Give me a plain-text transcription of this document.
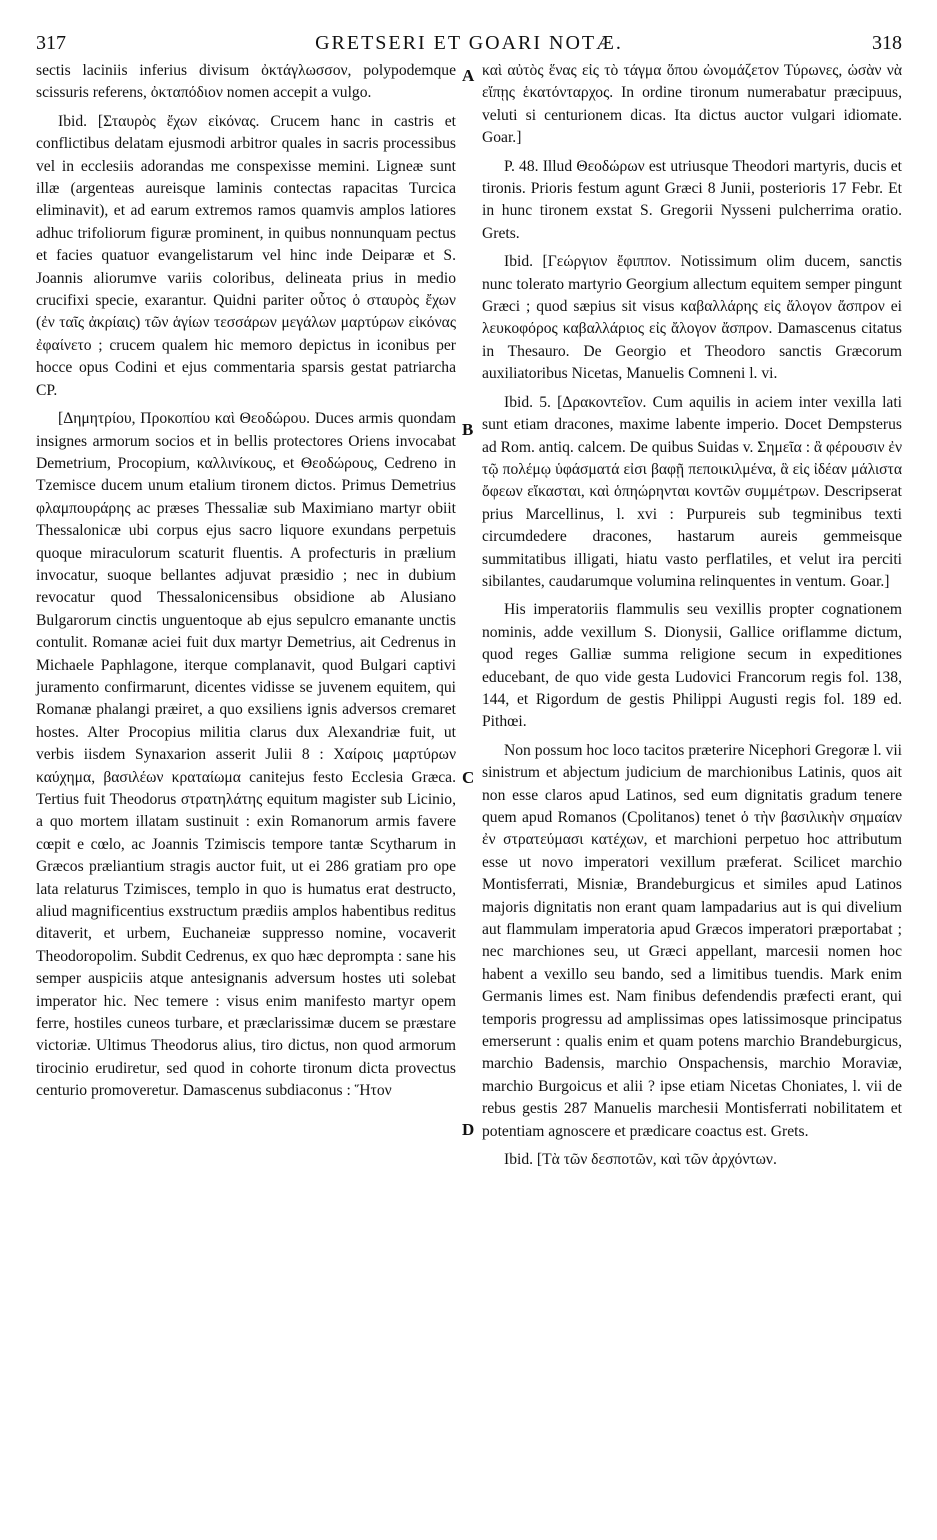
317	GRETSERI ET GOARI NOTÆ.	318

sectis laciniis inferius divisum ὀκτάγλωσσον, polypodemque scissuris referens, ὀκταπόδιον nomen accepit a vulgo.

Ibid. [Σταυρὸς ἔχων εἰκόνας. Crucem hanc in castris et conflictibus delatam ejusmodi arbitror quales in sacris processibus vel in ecclesiis adorandas me conspexisse memini. Ligneæ sunt illæ (argenteas aureisque laminis contectas rapacitas Turcica eliminavit), et ad earum extremos ramos quamvis amplos latiores adhuc trifoliorum figuræ prominent, in quibus nonnunquam pectus et facies quatuor evangelistarum vel hinc inde Deiparæ et S. Joannis aliorumve variis coloribus, delineata prius in medio crucifixi specie, exarantur. Quidni pariter οὗτος ὁ σταυρὸς ἔχων (ἐν ταῖς ἀκρίαις) τῶν ἁγίων τεσσάρων μεγάλων μαρτύρων εἰκόνας ἐφαίνετο ; crucem qualem hic memoro depictus in iconibus per hocce opus Codini et ejus commentaria sparsis gestat patriarcha CP.

[Δημητρίου, Προκοπίου καὶ Θεοδώρου. Duces armis quondam insignes armorum socios et in bellis protectores Oriens invocabat Demetrium, Procopium, καλλινίκους, et Θεοδώρους, Cedreno in Tzemisce ducem unum etalium tironem dictos. Primus Demetrius φλαμπουράρης ac præses Thessaliæ sub Maximiano martyr obiit Thessalonicæ ubi corpus ejus sacro liquore exundans perpetuis quoque miraculorum scaturit fluentis. A profecturis in prælium invocatur, suoque bellantes adjuvat præsidio ; nec in dubium revocatur quod Thessalonicensibus obsidione ab Alusiano Bulgarorum cinctis unguentoque ab ejus sepulcro emanante unctis contulit. Romanæ aciei fuit dux martyr Demetrius, ait Cedrenus in Michaele Paphlagone, iterque complanavit, quod Bulgari captivi juramento confirmarunt, dicentes vidisse se juvenem equitem, qui Romanæ phalangi præiret, a quo exsiliens ignis adversos cremaret hostes. Alter Procopius militia clarus dux Alexandriæ fuit, ut verbis iisdem Synaxarion asserit Julii 8 : Χαίροις μαρτύρων καύχημα, βασιλέων κραταίωμα canitejus festo Ecclesia Græca. Tertius fuit Theodorus στρατηλάτης equitum magister sub Licinio, a quo mortem illatam sustinuit : exin Romanorum armis favere cœpit e cœlo, ac Joannis Tzimiscis tempore tantæ Scytharum in Græcos præliantium stragis auctor fuit, ut ei 286 gratiam pro ope lata relaturus Tzimisces, templo in quo is humatus erat destructo, aliud magnificentius exstructum prædiis amplos habentibus reditus ditaverit, et urbem, Euchaneiæ suppresso nomine, vocaverit Theodoropolim. Subdit Cedrenus, ex quo hæc deprompta : sane his semper auspiciis atque antesignanis adversum hostes uti solebat imperator hic. Nec temere : visus enim manifesto martyr opem ferre, hostiles cuneos turbare, et præclarissimæ ducem se præstare victoriæ. Ultimus Theodorus alius, tiro dictus, non quod armorum tirocinio erudiretur, sed quod in cohorte tironum dicta provectus centurio promoveretur. Damascenus subdiaconus : Ἥτον

A
B
C
D

καὶ αὐτὸς ἕνας εἰς τὸ τάγμα ὅπου ὠνομάζετον Τύρωνες, ὡσὰν νὰ εἴπῃς ἑκατόνταρχος. In ordine tironum numerabatur præcipuus, veluti si centurionem dicas. Ita dictus auctor vulgari idiomate. Goar.]

P. 48. Illud Θεοδώρων est utriusque Theodori martyris, ducis et tironis. Prioris festum agunt Græci 8 Junii, posterioris 17 Febr. Et in hunc tironem exstat S. Gregorii Nysseni pulcherrima oratio. Grets.

Ibid. [Γεώργιον ἔφιππον. Notissimum olim ducem, sanctis nunc tolerato martyrio Georgium allectum equitem semper pingunt Græci ; quod sæpius sit visus καβαλλάρης εἰς ἄλογον ἄσπρον ei λευκοφόρος καβαλλάριος εἰς ἄλογον ἄσπρον. Damascenus citatus in Thesauro. De Georgio et Theodoro sanctis Græcorum auxiliatoribus Nicetas, Manuelis Comneni l. vi.

Ibid. 5. [Δρακοντεῖον. Cum aquilis in aciem inter vexilla lati sunt etiam dracones, maxime labente imperio. Docet Dempsterus ad Rom. antiq. calcem. De quibus Suidas v. Σημεῖα : ἃ φέρουσιν ἐν τῷ πολέμῳ ὑφάσματά εἰσι βαφῇ πεποικιλμένα, ἃ εἰς ἰδέαν μάλιστα ὄφεων εἴκασται, καὶ ὁπηώρηνται κοντῶν συμμέτρων. Descripserat prius Marcellinus, l. xvi : Purpureis sub tegminibus texti circumdedere dracones, hastarum aureis gemmeisque summitatibus illigati, hiatu vasto perflatiles, et velut ira perciti sibilantes, caudarumque volumina relinquentes in ventum. Goar.]

His imperatoriis flammulis seu vexillis propter cognationem nominis, adde vexillum S. Dionysii, Gallice oriflamme dictum, quod reges Galliæ summa religione secum in expeditiones educebant, de quo vide gesta Ludovici Francorum regis fol. 138, 144, et Rigordum de gestis Philippi Augusti regis fol. 189 ed. Pithœi.

Non possum hoc loco tacitos præterire Nicephori Gregoræ l. vii sinistrum et abjectum judicium de marchionibus Latinis, quos ait non esse claros apud Latinos, sed eum dignitatis gradum tenere quem apud Romanos (Cpolitanos) tenet ὁ τὴν βασιλικὴν σημαίαν ἐν στρατεύμασι κατέχων, et marchioni perpetuo hoc attributum esse ut novo imperatori vexillum præferat. Scilicet marchio Montisferrati, Misniæ, Brandeburgicus et similes apud Latinos majoris dignitatis non erant quam lampadarius aut is qui divelium aut flammulam imperatoria apud Græcos imperatori præportabat ; nec marchiones seu, ut Græci appellant, marcesii nomen hoc habent a vexillo seu bando, sed a limitibus tuendis. Mark enim Germanis limes est. Nam finibus defendendis præfecti erant, qui temporis progressu ad amplissimas opes latissimosque principatus emerserunt : qualis enim et quam potens marchio Brandeburgicus, marchio Badensis, marchio Onspachensis, marchio Moraviæ, marchio Burgoicus et alii ? ipse etiam Nicetas Choniates, l. vii de rebus gestis 287 Manuelis marchesii Montisferrati nobilitatem et potentiam agnoscere et prædicare coactus est. Grets.

Ibid. [Τὰ τῶν δεσποτῶν, καὶ τῶν ἀρχόντων.
